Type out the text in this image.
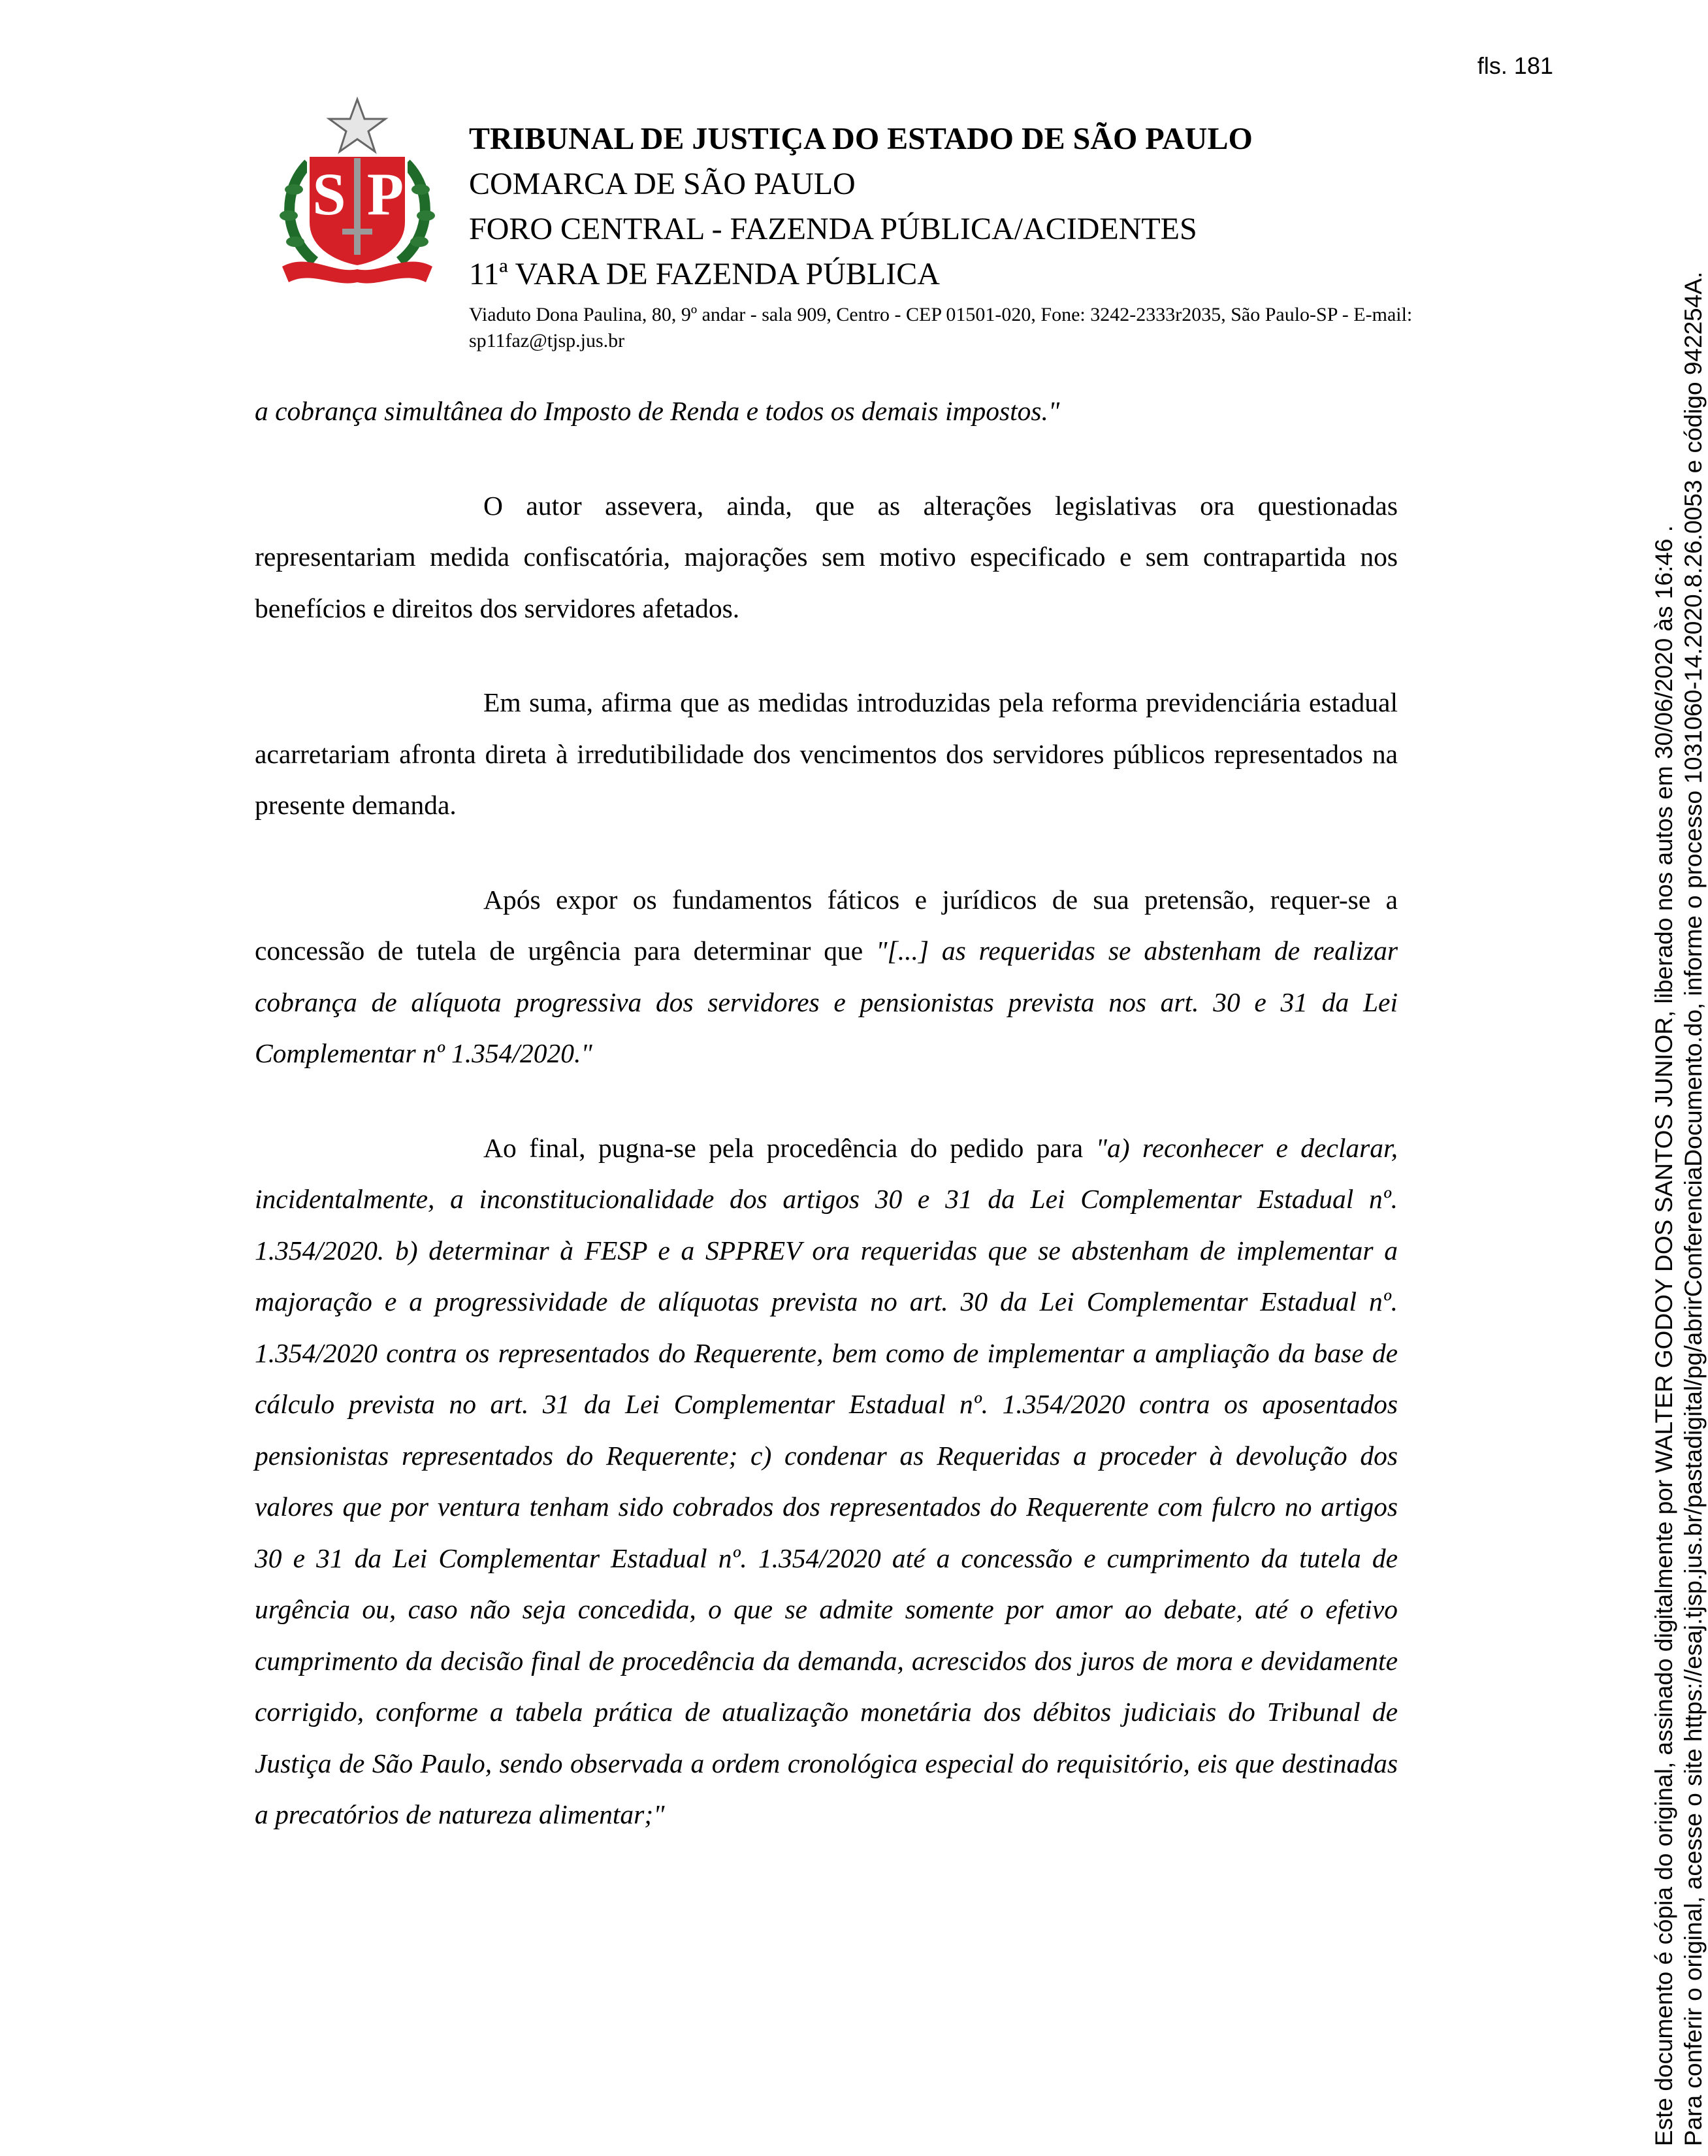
fls. 181
S P
TRIBUNAL DE JUSTIÇA DO ESTADO DE SÃO PAULO
COMARCA DE SÃO PAULO
FORO CENTRAL - FAZENDA PÚBLICA/ACIDENTES
11ª VARA DE FAZENDA PÚBLICA
Viaduto Dona Paulina, 80, 9º andar - sala 909, Centro - CEP 01501-020, Fone: 3242-2333r2035, São Paulo-SP - E-mail: sp11faz@tjsp.jus.br

a cobrança simultânea do Imposto de Renda e todos os demais impostos."

O autor assevera, ainda, que as alterações legislativas ora questionadas representariam medida confiscatória, majorações sem motivo especificado e sem contrapartida nos benefícios e direitos dos servidores afetados.

Em suma, afirma que as medidas introduzidas pela reforma previdenciária estadual acarretariam afronta direta à irredutibilidade dos vencimentos dos servidores públicos representados na presente demanda.

Após expor os fundamentos fáticos e jurídicos de sua pretensão, requer-se a concessão de tutela de urgência para determinar que "[...] as requeridas se abstenham de realizar cobrança de alíquota progressiva dos servidores e pensionistas prevista nos art. 30 e 31 da Lei Complementar nº 1.354/2020."

Ao final, pugna-se pela procedência do pedido para "a) reconhecer e declarar, incidentalmente, a inconstitucionalidade dos artigos 30 e 31 da Lei Complementar Estadual nº. 1.354/2020. b) determinar à FESP e a SPPREV ora requeridas que se abstenham de implementar a majoração e a progressividade de alíquotas prevista no art. 30 da Lei Complementar Estadual nº. 1.354/2020 contra os representados do Requerente, bem como de implementar a ampliação da base de cálculo prevista no art. 31 da Lei Complementar Estadual nº. 1.354/2020 contra os aposentados pensionistas representados do Requerente; c) condenar as Requeridas a proceder à devolução dos valores que por ventura tenham sido cobrados dos representados do Requerente com fulcro no artigos 30 e 31 da Lei Complementar Estadual nº. 1.354/2020 até a concessão e cumprimento da tutela de urgência ou, caso não seja concedida, o que se admite somente por amor ao debate, até o efetivo cumprimento da decisão final de procedência da demanda, acrescidos dos juros de mora e devidamente corrigido, conforme a tabela prática de atualização monetária dos débitos judiciais do Tribunal de Justiça de São Paulo, sendo observada a ordem cronológica especial do requisitório, eis que destinadas a precatórios de natureza alimentar;"	Este documento é cópia do original, assinado digitalmente por WALTER GODOY DOS SANTOS JUNIOR, liberado nos autos em 30/06/2020 às 16:46 . Para conferir o original, acesse o site https://esaj.tjsp.jus.br/pastadigital/pg/abrirConferenciaDocumento.do, informe o processo 1031060-14.2020.8.26.0053 e código 942254A.
